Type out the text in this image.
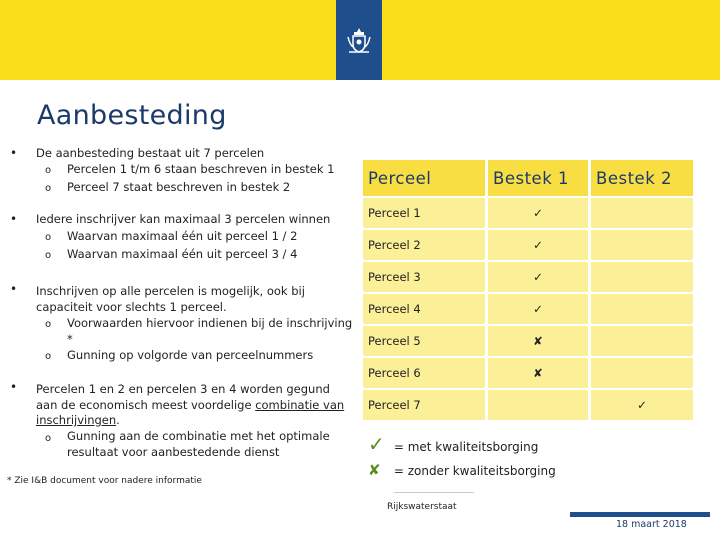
Aanbesteding
• De aanbesteding bestaat uit 7 percelen
o Percelen 1 t/m 6 staan beschreven in bestek 1
o Perceel 7 staat beschreven in bestek 2
• Iedere inschrijver kan maximaal 3 percelen winnen
o Waarvan maximaal één uit perceel 1 / 2
o Waarvan maximaal één uit perceel 3 / 4
• Inschrijven op alle percelen is mogelijk, ook bij capaciteit voor slechts 1 perceel.
o Voorwaarden hiervoor indienen bij de inschrijving *
o Gunning op volgorde van perceelnummers
• Percelen 1 en 2 en percelen 3 en 4 worden gegund aan de economisch meest voordelige combinatie van inschrijvingen.
o Gunning aan de combinatie met het optimale resultaat voor aanbestedende dienst
* Zie I&B document voor nadere informatie
Perceel	Bestek 1	Bestek 2
Perceel 1	✓	
Perceel 2	✓	
Perceel 3	✓	
Perceel 4	✓	
Perceel 5	✘	
Perceel 6	✘	
Perceel 7		✓
✓ = met kwaliteitsborging
✘ = zonder kwaliteitsborging
Rijkswaterstaat
18 maart 2018
